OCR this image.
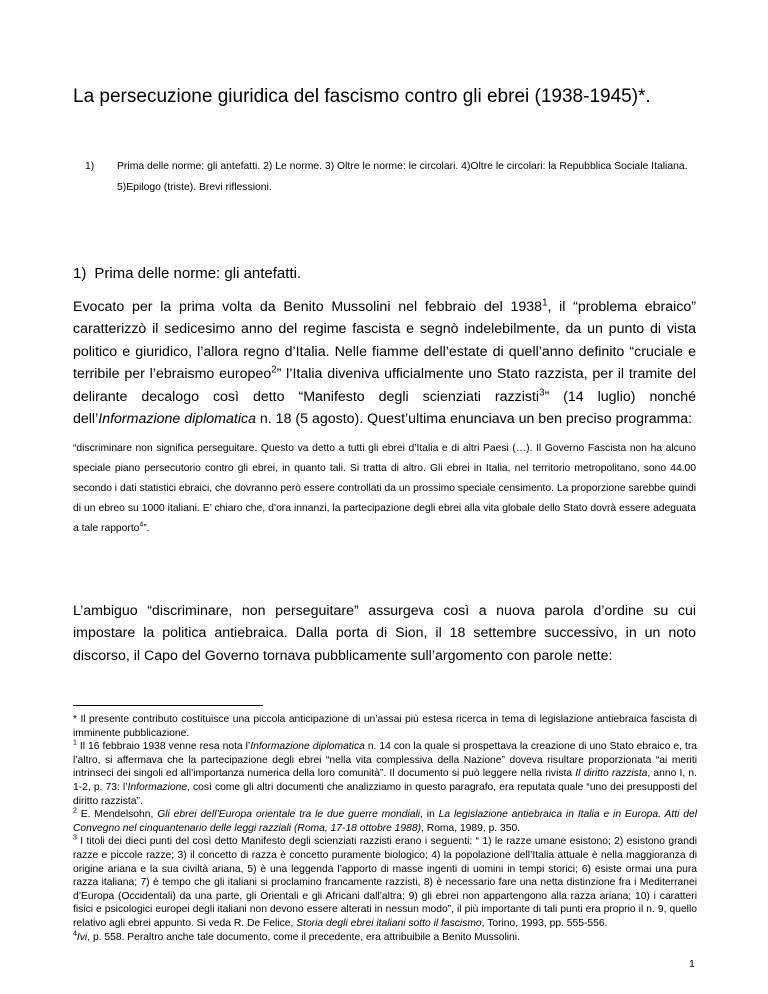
La persecuzione giuridica del fascismo contro gli ebrei (1938-1945)*.
1) Prima delle norme: gli antefatti. 2) Le norme. 3) Oltre le norme: le circolari. 4)Oltre le circolari: la Repubblica Sociale Italiana. 5)Epilogo (triste). Brevi riflessioni.
1) Prima delle norme: gli antefatti.
Evocato per la prima volta da Benito Mussolini nel febbraio del 1938$^1$, il “problema ebraico” caratterizzò il sedicesimo anno del regime fascista e segnò indelebilmente, da un punto di vista politico e giuridico, l’allora regno d’Italia. Nelle fiamme dell’estate di quell’anno definito “cruciale e terribile per l’ebraismo europeo$^2$” l’Italia diveniva ufficialmente uno Stato razzista, per il tramite del delirante decalogo così detto “Manifesto degli scienziati razzisti$^3$” (14 luglio) nonché dell’Informazione diplomatica n. 18 (5 agosto). Quest’ultima enunciava un ben preciso programma:
“discriminare non significa perseguitare. Questo va detto a tutti gli ebrei d’Italia e di altri Paesi (…). Il Governo Fascista non ha alcuno speciale piano persecutorio contro gli ebrei, in quanto tali. Si tratta di altro. Gli ebrei in Italia, nel territorio metropolitano, sono 44.00 secondo i dati statistici ebraici, che dovranno però essere controllati da un prossimo speciale censimento. La proporzione sarebbe quindi di un ebreo su 1000 italiani. E’ chiaro che, d’ora innanzi, la partecipazione degli ebrei alla vita globale dello Stato dovrà essere adeguata a tale rapporto$^4$”.
L’ambiguo “discriminare, non perseguitare” assurgeva così a nuova parola d’ordine su cui impostare la politica antiebraica. Dalla porta di Sion, il 18 settembre successivo, in un noto discorso, il Capo del Governo tornava pubblicamente sull’argomento con parole nette:

* Il presente contributo costituisce una piccola anticipazione di un’assai più estesa ricerca in tema di legislazione antiebraica fascista di imminente pubblicazione.

$^1$ Il 16 febbraio 1938 venne resa nota l’Informazione diplomatica n. 14 con la quale si prospettava la creazione di uno Stato ebraico e, tra l’altro, si affermava che la partecipazione degli ebrei “nella vita complessiva della Nazione” doveva risultare proporzionata “ai meriti intrinseci dei singoli ed all’importanza numerica della loro comunità”. Il documento si può leggere nella rivista Il diritto razzista, anno I, n. 1-2, p. 73: l’Informazione, così come gli altri documenti che analizziamo in questo paragrafo, era reputata quale “uno dei presupposti del diritto razzista”.

$^2$ E. Mendelsohn, Gli ebrei dell’Europa orientale tra le due guerre mondiali, in La legislazione antiebraica in Italia e in Europa. Atti del Convegno nel cinquantenario delle leggi razziali (Roma, 17-18 ottobre 1988), Roma, 1989, p. 350.

$^3$ I titoli dei dieci punti del così detto Manifesto degli scienziati razzisti erano i seguenti: “ 1) le razze umane esistono; 2) esistono grandi razze e piccole razze; 3) il concetto di razza è concetto puramente biologico; 4) la popolazione dell’Italia attuale è nella maggioranza di origine ariana e la sua civiltà ariana, 5) è una leggenda l’apporto di masse ingenti di uomini in tempi storici; 6) esiste ormai una pura razza italiana; 7) è tempo che gli italiani si proclamino francamente razzisti, 8) è necessario fare una netta distinzione fra i Mediterranei d’Europa (Occidentali) da una parte, gli Orientali e gli Africani dall’altra; 9) gli ebrei non appartengono alla razza ariana; 10) i caratteri fisici e psicologici europei degli italiani non devono essere alterati in nessun modo”, il più importante di tali punti era proprio il n. 9, quello relativo agli ebrei appunto. Si veda R. De Felice, Storia degli ebrei italiani sotto il fascismo, Torino, 1993, pp. 555-556.

$^4$Ivi, p. 558. Peraltro anche tale documento, come il precedente, era attribuibile a Benito Mussolini.

1
